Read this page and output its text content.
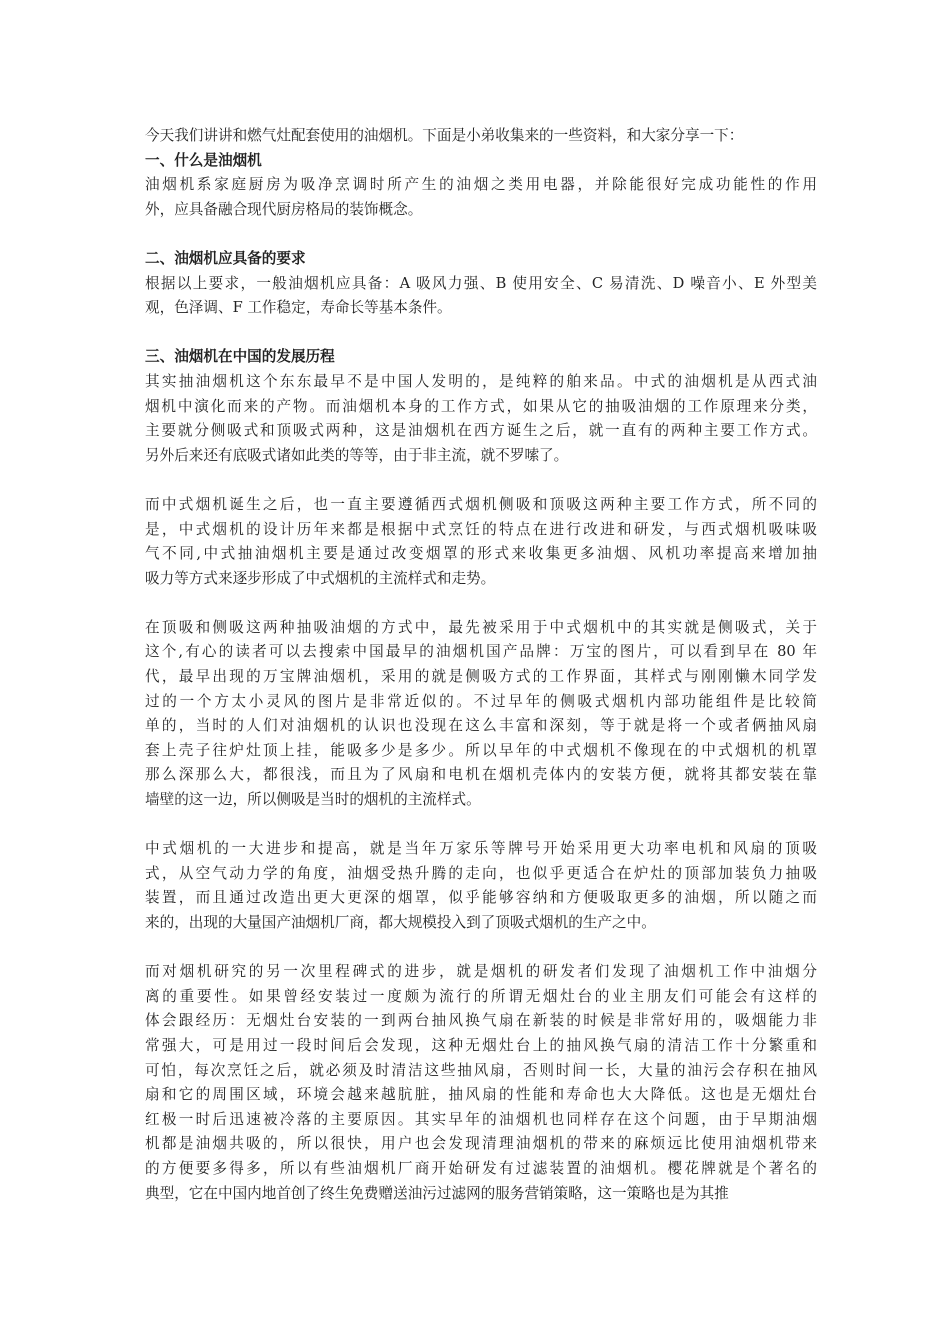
今天我们讲讲和燃气灶配套使用的油烟机。下面是小弟收集来的一些资料，和大家分享一下：
一、什么是油烟机
油烟机系家庭厨房为吸净烹调时所产生的油烟之类用电器，并除能很好完成功能性的作用
外，应具备融合现代厨房格局的装饰概念。
二、油烟机应具备的要求
根据以上要求，一般油烟机应具备：A 吸风力强、B 使用安全、C 易清洗、D 噪音小、E 外型美
观，色泽调、F 工作稳定，寿命长等基本条件。
三、油烟机在中国的发展历程
其实抽油烟机这个东东最早不是中国人发明的，是纯粹的舶来品。中式的油烟机是从西式油
烟机中演化而来的产物。而油烟机本身的工作方式，如果从它的抽吸油烟的工作原理来分类，
主要就分侧吸式和顶吸式两种，这是油烟机在西方诞生之后，就一直有的两种主要工作方式。
另外后来还有底吸式诸如此类的等等，由于非主流，就不罗嗦了。
而中式烟机诞生之后，也一直主要遵循西式烟机侧吸和顶吸这两种主要工作方式，所不同的
是，中式烟机的设计历年来都是根据中式烹饪的特点在进行改进和研发，与西式烟机吸味吸
气不同,中式抽油烟机主要是通过改变烟罩的形式来收集更多油烟、风机功率提高来增加抽
吸力等方式来逐步形成了中式烟机的主流样式和走势。
在顶吸和侧吸这两种抽吸油烟的方式中，最先被采用于中式烟机中的其实就是侧吸式，关于
这个,有心的读者可以去搜索中国最早的油烟机国产品牌：万宝的图片，可以看到早在 80 年
代，最早出现的万宝牌油烟机，采用的就是侧吸方式的工作界面，其样式与刚刚懒木同学发
过的一个方太小灵风的图片是非常近似的。不过早年的侧吸式烟机内部功能组件是比较简
单的，当时的人们对油烟机的认识也没现在这么丰富和深刻，等于就是将一个或者俩抽风扇
套上壳子往炉灶顶上挂，能吸多少是多少。所以早年的中式烟机不像现在的中式烟机的机罩
那么深那么大，都很浅，而且为了风扇和电机在烟机壳体内的安装方便，就将其都安装在靠
墙壁的这一边，所以侧吸是当时的烟机的主流样式。
中式烟机的一大进步和提高，就是当年万家乐等牌号开始采用更大功率电机和风扇的顶吸
式，从空气动力学的角度，油烟受热升腾的走向，也似乎更适合在炉灶的顶部加装负力抽吸
装置，而且通过改造出更大更深的烟罩，似乎能够容纳和方便吸取更多的油烟，所以随之而
来的，出现的大量国产油烟机厂商，都大规模投入到了顶吸式烟机的生产之中。
而对烟机研究的另一次里程碑式的进步，就是烟机的研发者们发现了油烟机工作中油烟分
离的重要性。如果曾经安装过一度颇为流行的所谓无烟灶台的业主朋友们可能会有这样的
体会跟经历：无烟灶台安装的一到两台抽风换气扇在新装的时候是非常好用的，吸烟能力非
常强大，可是用过一段时间后会发现，这种无烟灶台上的抽风换气扇的清洁工作十分繁重和
可怕，每次烹饪之后，就必须及时清洁这些抽风扇，否则时间一长，大量的油污会存积在抽风
扇和它的周围区域，环境会越来越肮脏，抽风扇的性能和寿命也大大降低。这也是无烟灶台
红极一时后迅速被冷落的主要原因。其实早年的油烟机也同样存在这个问题，由于早期油烟
机都是油烟共吸的，所以很快，用户也会发现清理油烟机的带来的麻烦远比使用油烟机带来
的方便要多得多，所以有些油烟机厂商开始研发有过滤装置的油烟机。樱花牌就是个著名的
典型，它在中国内地首创了终生免费赠送油污过滤网的服务营销策略，这一策略也是为其推
